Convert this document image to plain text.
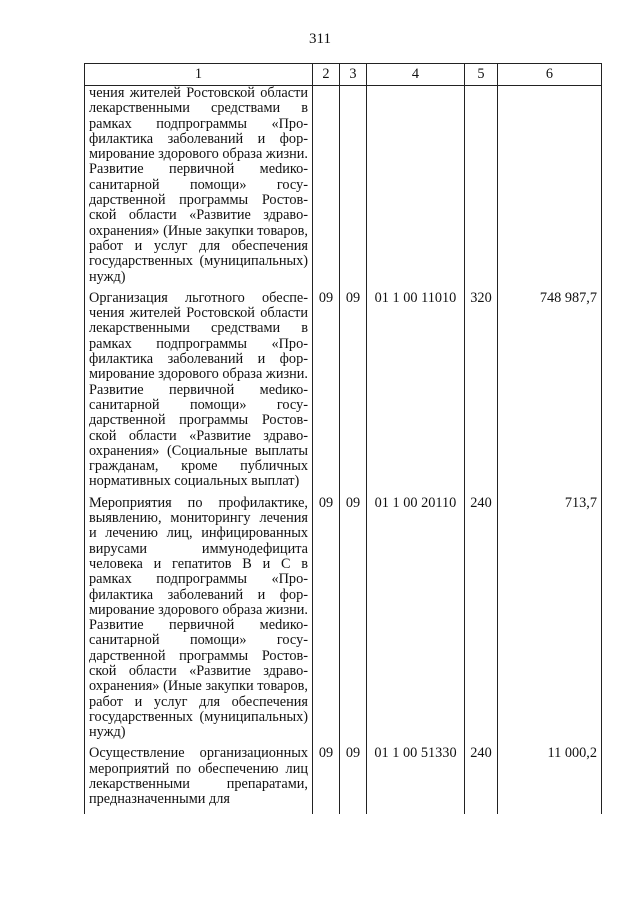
311
1	2	3	4	5	6
чения жителей Ростовской области лекарственными средствами в рамках подпрограммы «Профилактика заболеваний и формирование здорового образа жизни. Развитие первичной меdико-санитарной помощи» государственной программы Ростовской области «Развитие здравоохранения» (Иные закупки товаров, работ и услуг для обеспечения государственных (муниципальных) нужд)					
Организация льготного обеспечения жителей Ростовской области лекарственными средствами в рамках подпрограммы «Профилактика заболеваний и формирование здорового образа жизни. Развитие первичной меdико-санитарной помощи» государственной программы Ростовской области «Развитие здравоохранения» (Социальные выплаты гражданам, кроме публичных нормативных социальных выплат)	09	09	01 1 00 11010	320	748 987,7
Мероприятия по профилактике, выявлению, мониторингу лечения и лечению лиц, инфицированных вирусами иммунодефицита человека и гепатитов В и С в рамках подпрограммы «Профилактика заболеваний и формирование здорового образа жизни. Развитие первичной меdико-санитарной помощи» государственной программы Ростовской области «Развитие здравоохранения» (Иные закупки товаров, работ и услуг для обеспечения государственных (муниципальных) нужд)	09	09	01 1 00 20110	240	713,7
Осуществление организационных мероприятий по обеспечению лиц лекарственными препаратами, предназначенными для	09	09	01 1 00 51330	240	11 000,2
